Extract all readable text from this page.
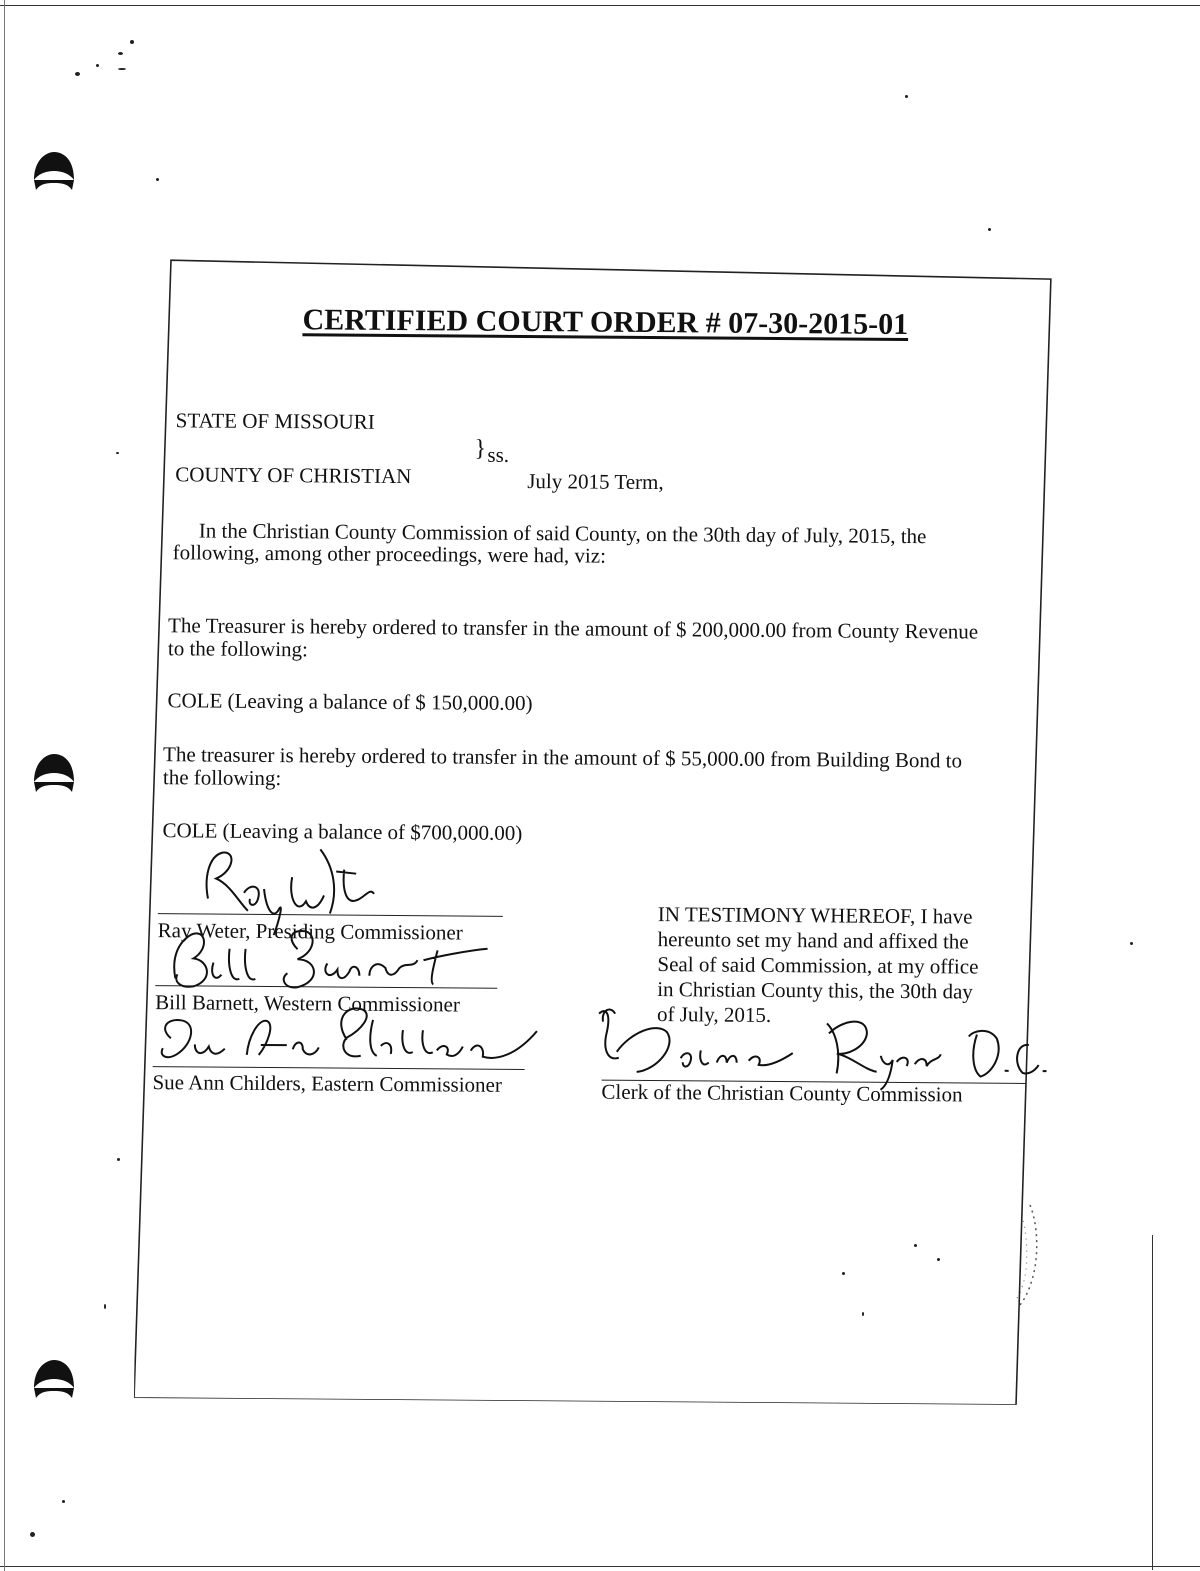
CERTIFIED COURT ORDER # 07-30-2015-01
STATE OF MISSOURI
} ss.
COUNTY OF CHRISTIAN	July 2015 Term,
In the Christian County Commission of said County, on the 30th day of July, 2015, the
following, among other proceedings, were had, viz:
The Treasurer is hereby ordered to transfer in the amount of $ 200,000.00 from County Revenue
to the following:
COLE (Leaving a balance of $ 150,000.00)
The treasurer is hereby ordered to transfer in the amount of $ 55,000.00 from Building Bond to
the following:
COLE (Leaving a balance of $700,000.00)
Ray Weter, Presiding Commissioner
Bill Barnett, Western Commissioner
Sue Ann Childers, Eastern Commissioner
IN TESTIMONY WHEREOF, I have
hereunto set my hand and affixed the
Seal of said Commission, at my office
in Christian County this, the 30th day
of July, 2015.
Clerk of the Christian County Commission
